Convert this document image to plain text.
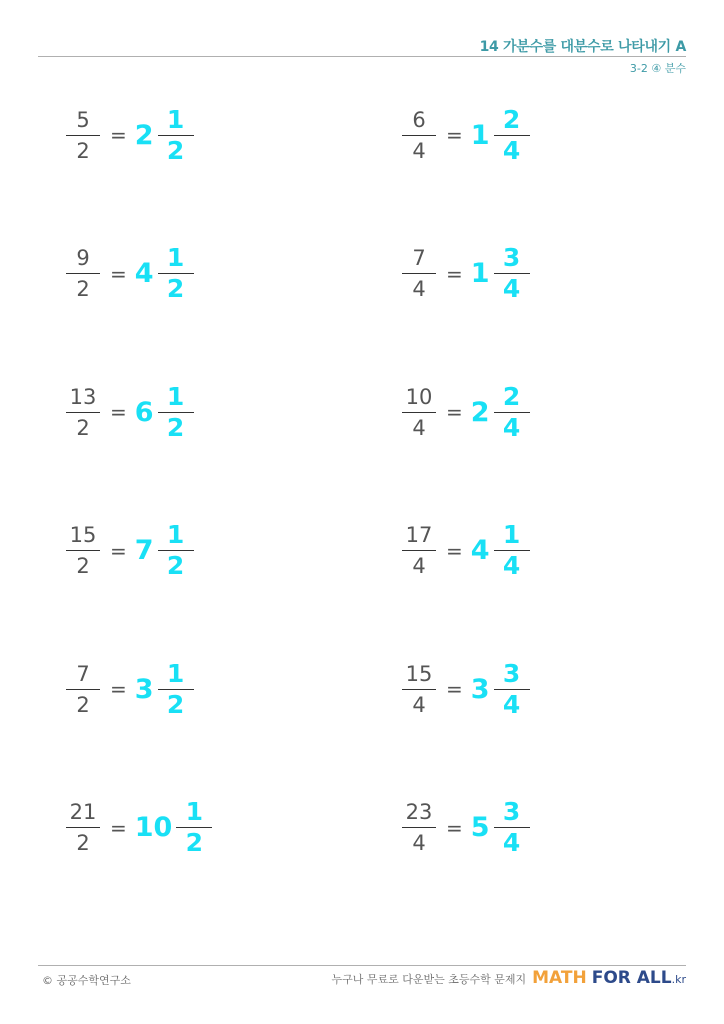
14 가분수를 대분수로 나타내기 A
3-2 ④ 분수
$\frac{5}{2} = 2$
1
2	$\frac{6}{4} = 1$
2
4
$\frac{9}{2} = 4$
1
2	$\frac{7}{4} = 1$
3
4
$\frac{13}{2} = 6$
1
2	$\frac{10}{4} = 2$
2
4
$\frac{15}{2} = 7$
1
2	$\frac{17}{4} = 4$
1
4
$\frac{7}{2} = 3$
1
2	$\frac{15}{4} = 3$
3
4
$\frac{21}{2} = 10$
1
2	$\frac{23}{4} = 5$
3
4
© 공공수학연구소	누구나 무료로 다운받는 초등수학 문제지 MATH FOR ALL .kr
